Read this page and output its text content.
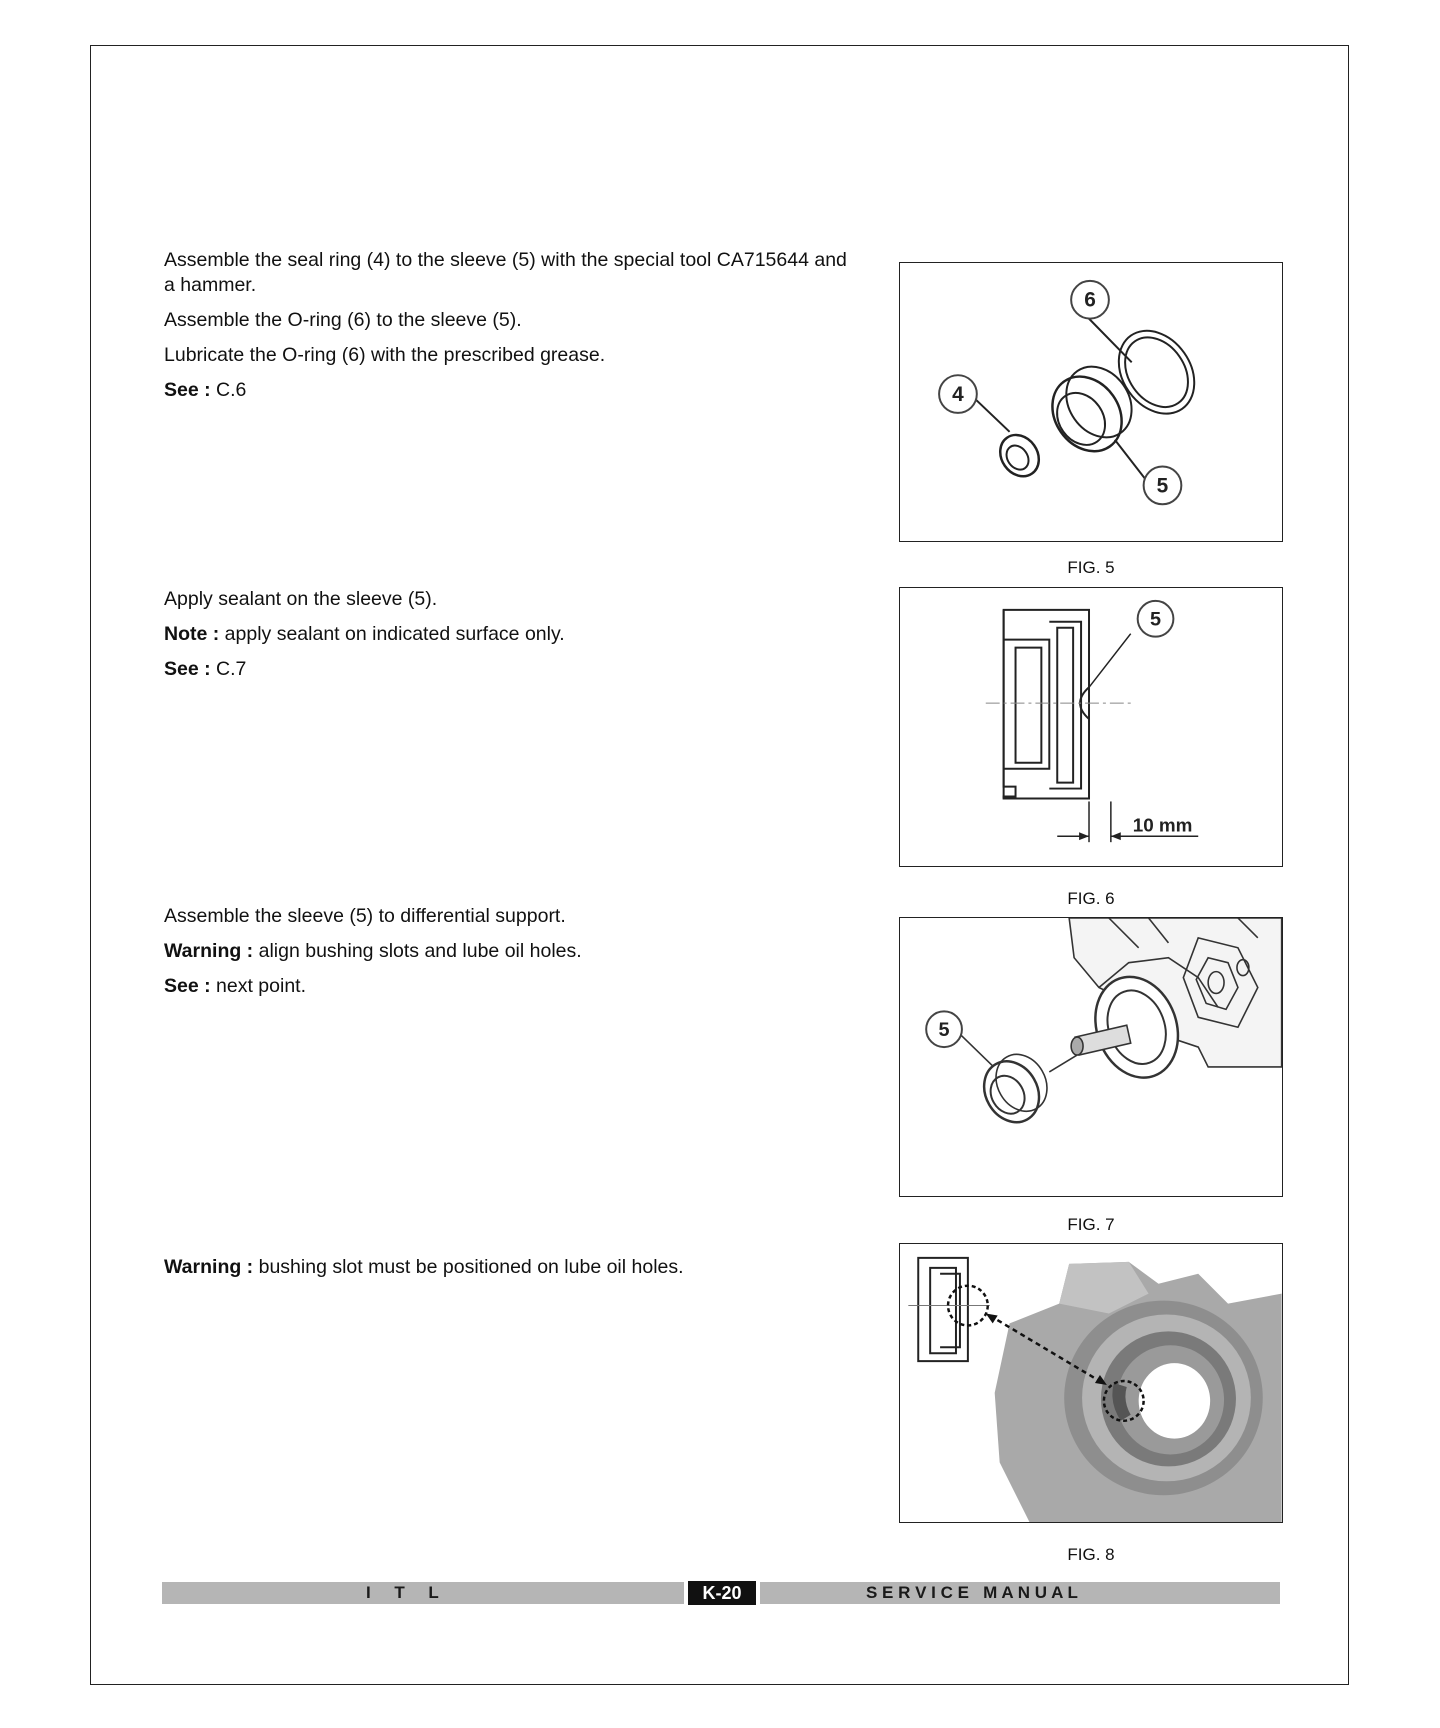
Assemble the seal ring (4) to the sleeve (5) with the special tool CA715644 and a hammer.

Assemble the O-ring (6) to the sleeve (5).

Lubricate the O-ring (6) with the prescribed grease.

See : C.6

6
4
5
FIG. 5

Apply sealant on the sleeve (5).

Note : apply sealant on indicated surface only.

See : C.7

5
10 mm
FIG. 6

Assemble the sleeve (5) to differential support.

Warning : align bushing slots and lube oil holes.

See : next point.

5
FIG. 7

Warning : bushing slot must be positioned on lube oil holes.

FIG. 8
I     T     L	K-20	S E R V I C E   M A N U A L
